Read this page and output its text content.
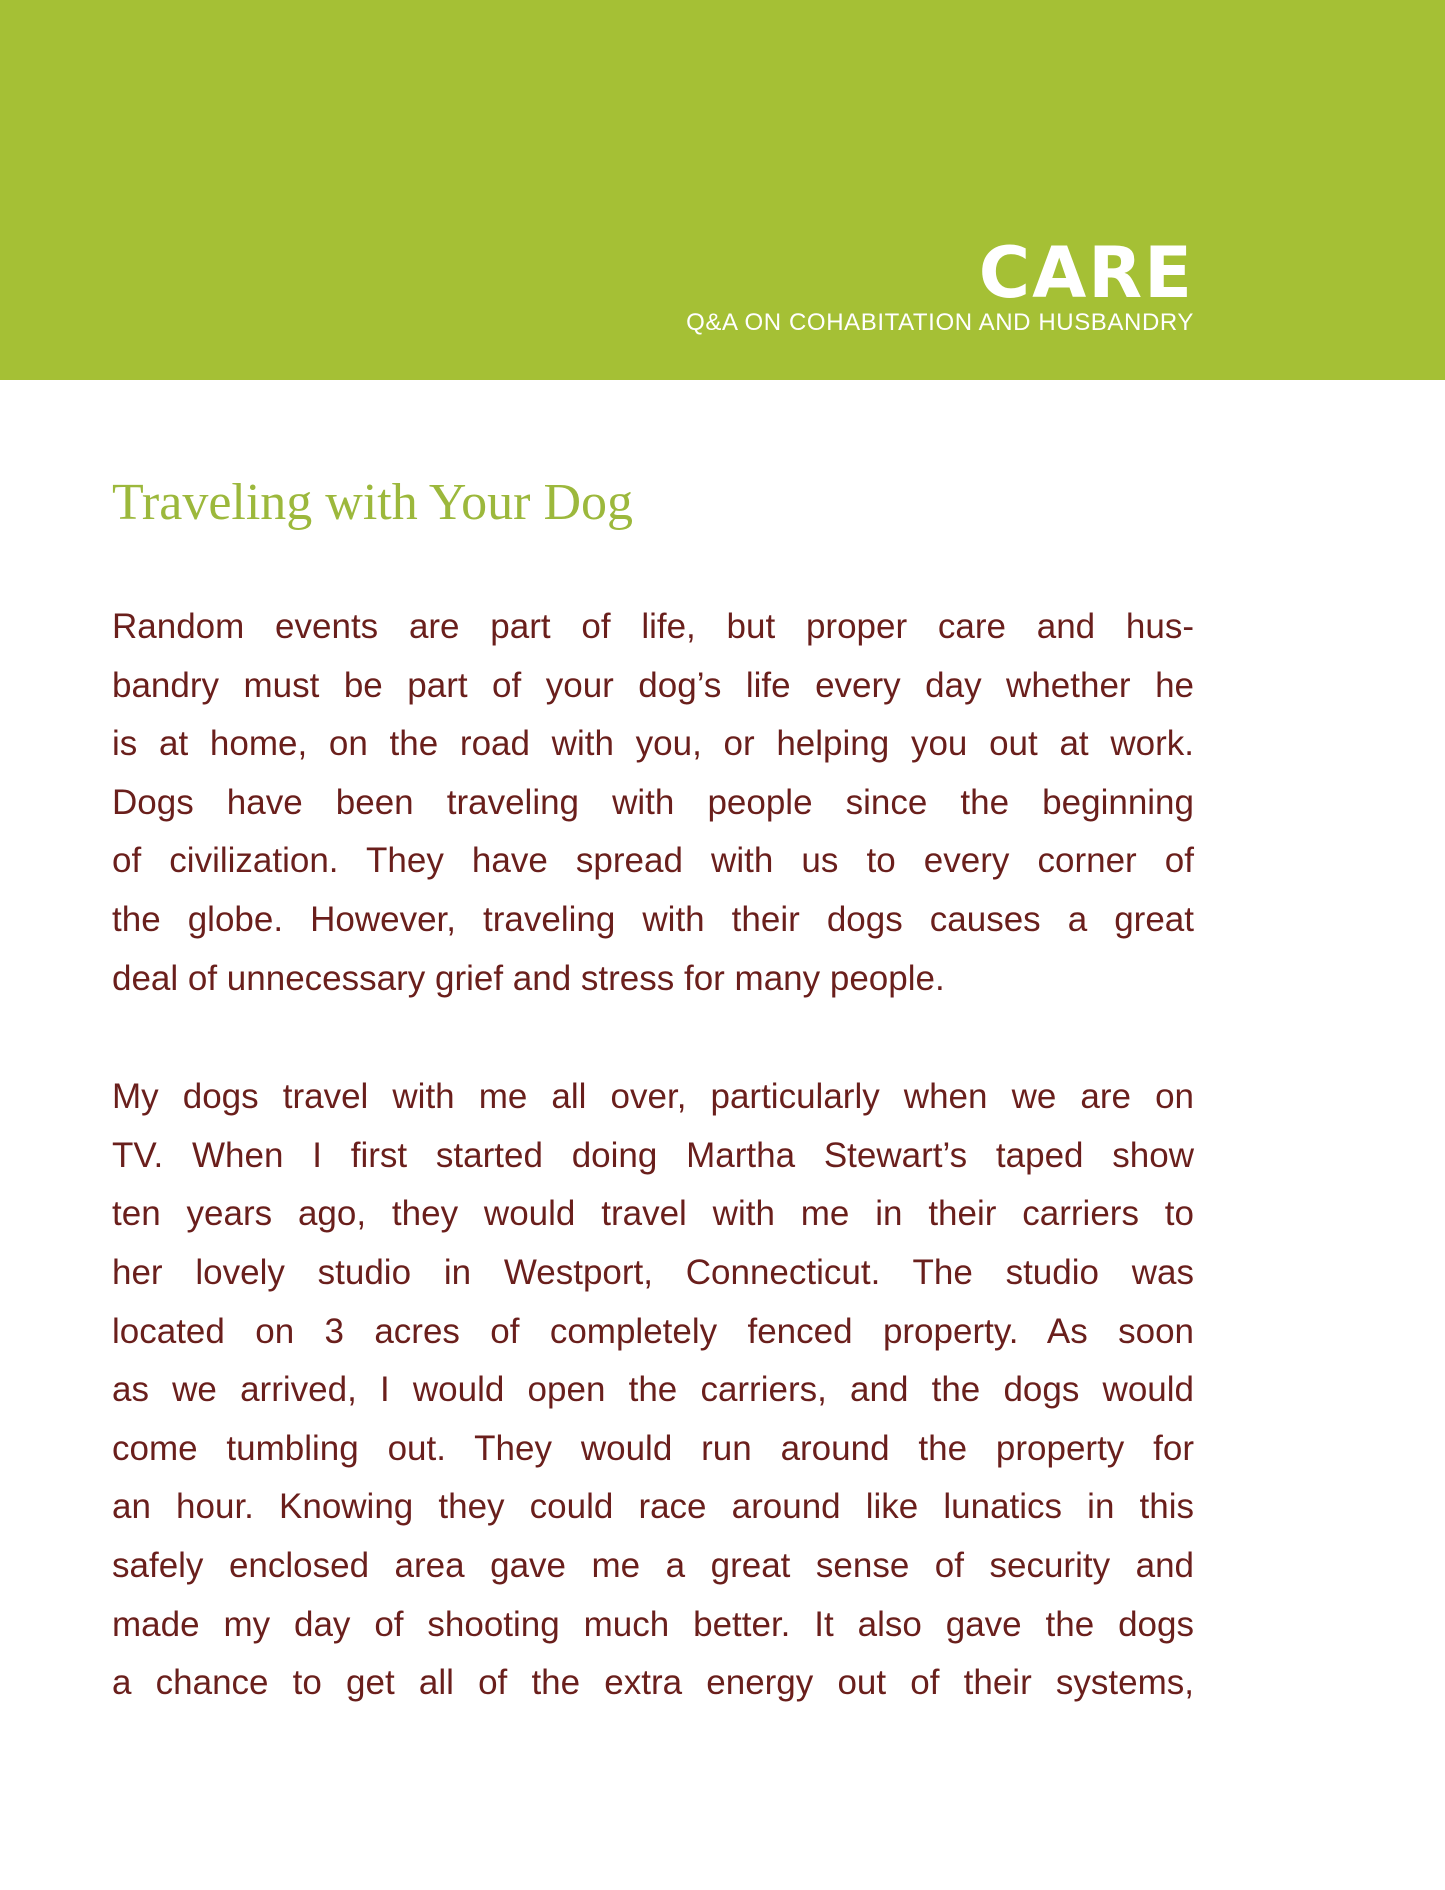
CARE
Q&A ON COHABITATION AND HUSBANDRY
Traveling with Your Dog
Random events are part of life, but proper care and hus-
bandry must be part of your dog’s life every day whether he
is at home, on the road with you, or helping you out at work.
Dogs have been traveling with people since the beginning
of civilization. They have spread with us to every corner of
the globe. However, traveling with their dogs causes a great
deal of unnecessary grief and stress for many people.
My dogs travel with me all over, particularly when we are on
TV. When I first started doing Martha Stewart’s taped show
ten years ago, they would travel with me in their carriers to
her lovely studio in Westport, Connecticut. The studio was
located on 3 acres of completely fenced property. As soon
as we arrived, I would open the carriers, and the dogs would
come tumbling out. They would run around the property for
an hour. Knowing they could race around like lunatics in this
safely enclosed area gave me a great sense of security and
made my day of shooting much better. It also gave the dogs
a chance to get all of the extra energy out of their systems,
